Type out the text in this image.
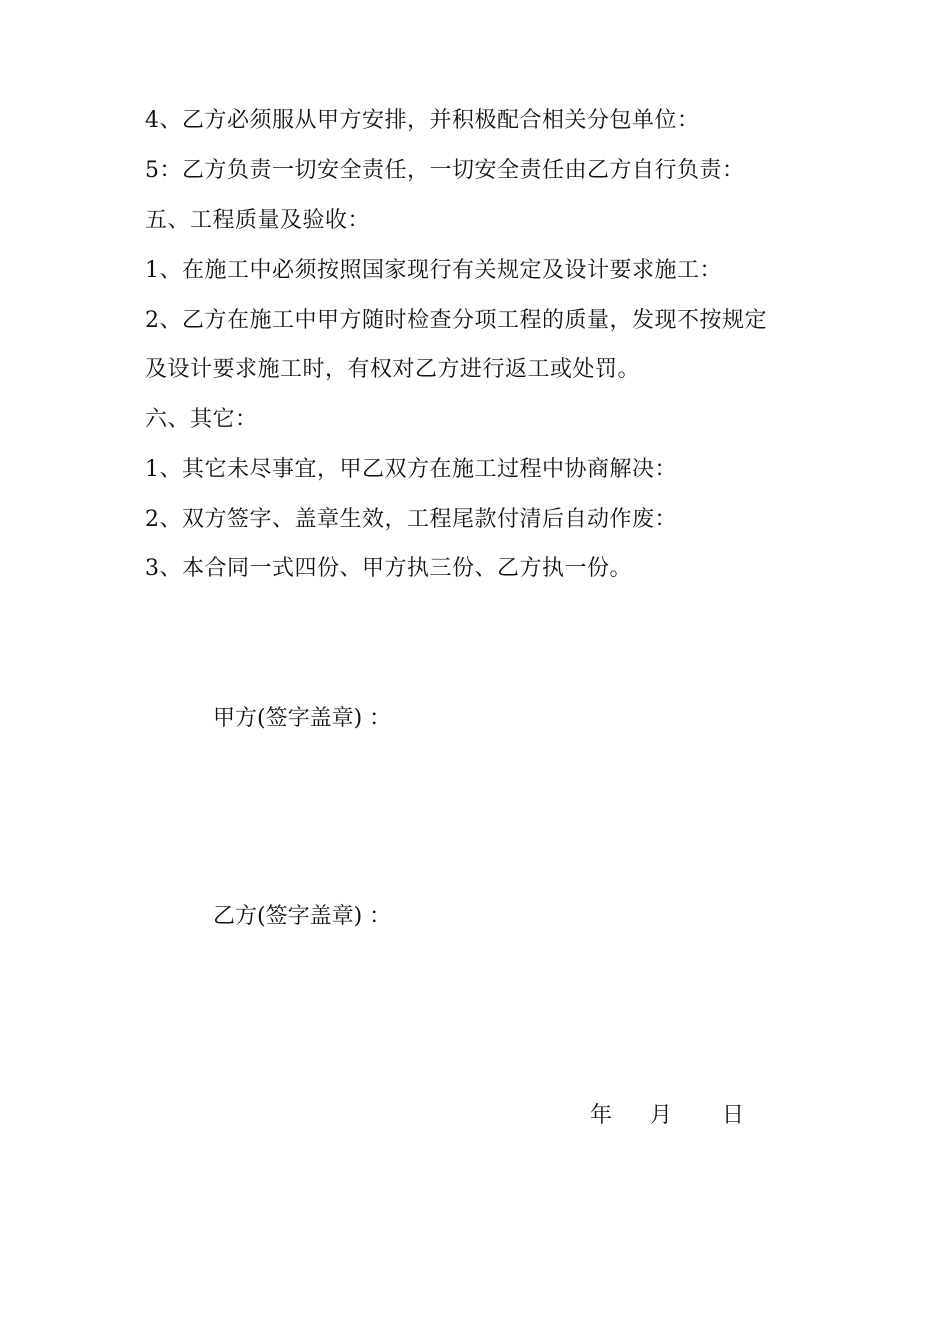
4、乙方必须服从甲方安排，并积极配合相关分包单位：
5：乙方负责一切安全责任，一切安全责任由乙方自行负责：
五、工程质量及验收：
1、在施工中必须按照国家现行有关规定及设计要求施工：
2、乙方在施工中甲方随时检查分项工程的质量，发现不按规定
及设计要求施工时，有权对乙方进行返工或处罚。
六、其它：
1、其它未尽事宜，甲乙双方在施工过程中协商解决：
2、双方签字、盖章生效，工程尾款付清后自动作废：
3、本合同一式四份、甲方执三份、乙方执一份。
甲方(签字盖章) ：
乙方(签字盖章) ：
年 月 日
